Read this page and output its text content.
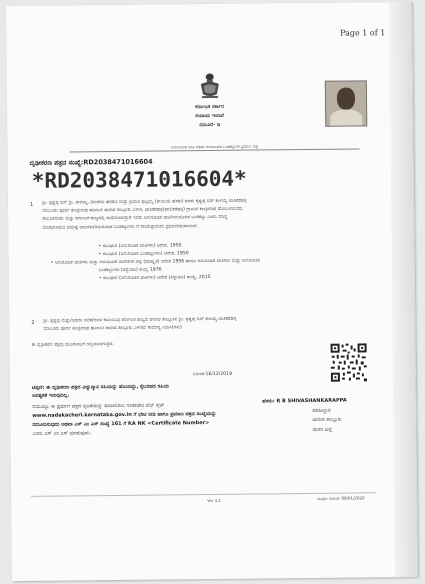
Page 1 of 1
ಕರ್ನಾಟಕ ಸರ್ಕಾರ
ಕಂದಾಯ ಇಲಾಖೆ
ನಮೂನೆ- ಡಿ
ಅನುಸೂಚಿತ ಜಾತಿ ಅಥವಾ ಅನುಸೂಚಿತ ಬುಡಕಟ್ಟುಗಳ ಪ್ರಮಾಣ ಪತ್ರ
ದೃಢೀಕರಣ ಪತ್ರದ ಸಂಖ್ಯೆ:RD2038471016604
*RD2038471016604*
1 ಶ್ರೀ. ಕೃಷ್ಣಪ್ಪ ಬಿನ್ ಶ್ರೀ. ಕಾಳಯ್ಯ, (ತಂದೆಯ ಹೆಸರು) ಮತ್ತು ಶ್ರೀಮತಿ ಪುಟ್ಟಮ್ಮ (ತಾಯಿಯ ಹೆಸರು) ರವರು ಕೃಷ್ಣಪ್ಪ ಬಿನ್ ಕಾಳಯ್ಯ ಜಾತಿಕೆರೆಹಳ್ಳಿ
ಮಾಲೂರು ಪೂರ್ವ ಕಾಂತ್ರೀನಾಥ ಹೋಬಳಿ ಜಾನಾರ ತಾಲ್ಲೂಕು ವಿಳಾಸ, ಜಾತಿಕೆರೆಹಳ್ಳಿ(ಹಾಲಿಕೆರೆಹಳ್ಳಿ) ಗ್ರಾಮದ ಕಾಂತ್ರೀನಾಥ ಹೋಬಳಿಯವರು
ತಾಲೂಕಿನವರು ಮತ್ತು ಕರ್ನಾಟಕ ರಾಜ್ಯದಲ್ಲಿ ವಾಸವಾಗಿರುತ್ತಾರೆ ಇವರು ಅನುಸೂಚಿತ ಜಾತಿ/ಅನುಸೂಚಿತ ಬುಡಕಟ್ಟು ಎಂದು ಮಾನ್ಯ
ಮಾಡಲಾಗಿರುವ ಪರಿಶಿಷ್ಟ ಜಾತಿಗಳು/ಅನುಸೂಚಿತ ಬುಡಕಟ್ಟುಗಳು ಗೆ ಸೇರಿರುತ್ತಾರೆಂದು ಪ್ರಮಾಣೀಕರಿಸಲಾಗಿದೆ.
• ಸಂವಿಧಾನ (ಅನುಸೂಚಿತ ಜಾತಿಗಳು) ಆದೇಶ, 1950
• ಸಂವಿಧಾನ (ಅನುಸೂಚಿತ ಬುಡಕಟ್ಟುಗಳು) ಆದೇಶ, 1950
• ಅನುಸೂಚಿತ ಜಾತಿಗಳು ಮತ್ತು ಅನುಸೂಚಿತ ಪಂಗಡಗಳ ಪಟ್ಟಿ (ಪರಿಷ್ಕೃತ) ಆದೇಶ 1956 ಹಾಗೂ ಅನುಸೂಚಿತ ಜಾತಿಗಳು ಮತ್ತು ಅನುಸೂಚಿತ
ಬುಡಕಟ್ಟುಗಳು (ತಿದ್ದುಪಡಿ) ಕಾಯ್ದೆ 1976.
• ಸಂವಿಧಾನ (ಅನುಸೂಚಿತ ಜಾತಿಗಳು) ಆದೇಶ (ತಿದ್ದುಪಡಿ) ಕಾಯ್ದೆ, 2015
2 ಶ್ರೀ. ಕೃಷ್ಣಪ್ಪ ಮತ್ತು/ಅಥವಾ ಅವರ/ಅವಳ ಕುಟುಂಬವು ಕರ್ನಾಟಕ ರಾಜ್ಯದ ಜಾನಾರ ತಾಲ್ಲೂಕಿನ ಶ್ರೀ. ಕೃಷ್ಣಪ್ಪ ಬಿನ್ ಕಾಳಯ್ಯ ಜಾತಿಕೆರೆಹಳ್ಳಿ
ಮಾಲೂರು ಪೂರ್ವ ಕಾಂತ್ರೀನಾಥ ಹೋಬಳಿ ಜಾನಾರ ತಾಲ್ಲೂಕು ವಿಳಾಸದ ಸಾಮಾನ್ಯ ನಿವಾಸಿ(ಗಳು)
ಈ ದೃಢೀಕರಣ ಪತ್ರವು ಜೀವಿತಾವಧಿಗೆ ಅನ್ವಯವಾಗುತ್ತದೆ.
ದಿನಾಂಕ:16/12/2019
ಟಿಪ್ಪಣಿ: ಈ ದೃಢೀಕರಣ ಪತ್ರದ ವಿದ್ಯುನ್ಮಾನ ಸಹಿಯನ್ನು ಹೊಂದಿದ್ದು, ಕೈಬರಹದ ಸಹಿಯ
ಅವಶ್ಯಕತೆ ಇರುವುದಿಲ್ಲ.
ದಯವಿಟ್ಟು ಈ ಪ್ರಮಾಣ ಪತ್ರದ ನೈಜತೆಯನ್ನು ಪರಿಶೀಲಿಸಲು ನಾಡಕಚೇರಿ ವೆಬ್ ಸೈಟ್
www.nadakacheri.karnataka.gov.in ಗೆ ಭೇಟಿ ನೀಡಿ ಹಾಗೂ ಪ್ರಮಾಣ ಪತ್ರದ ಸಂಖ್ಯೆಯನ್ನು
ನಮೂದಿಸುವುದು ಅಥವಾ ಎಸ್ ಎಂ ಎಸ್ ಸಂಖ್ಯೆ 161 ಗೆ KA NK <Certificate Number>
ಎಂದು ಎಸ್ ಎಂ ಎಸ್ ಮಾಡುವುದು.
ಹೆಸರು: R B SHIVASHANKARAPPA
ತಹಶೀಲ್ದಾರ
ಜಾನಾರ ತಾಲ್ಲೂಕು
ಹಾಸನ ಜಿಲ್ಲೆ
Ver 4.2	ಮುದ್ರಣ ದಿನಾಂಕ: 06/01/2020
